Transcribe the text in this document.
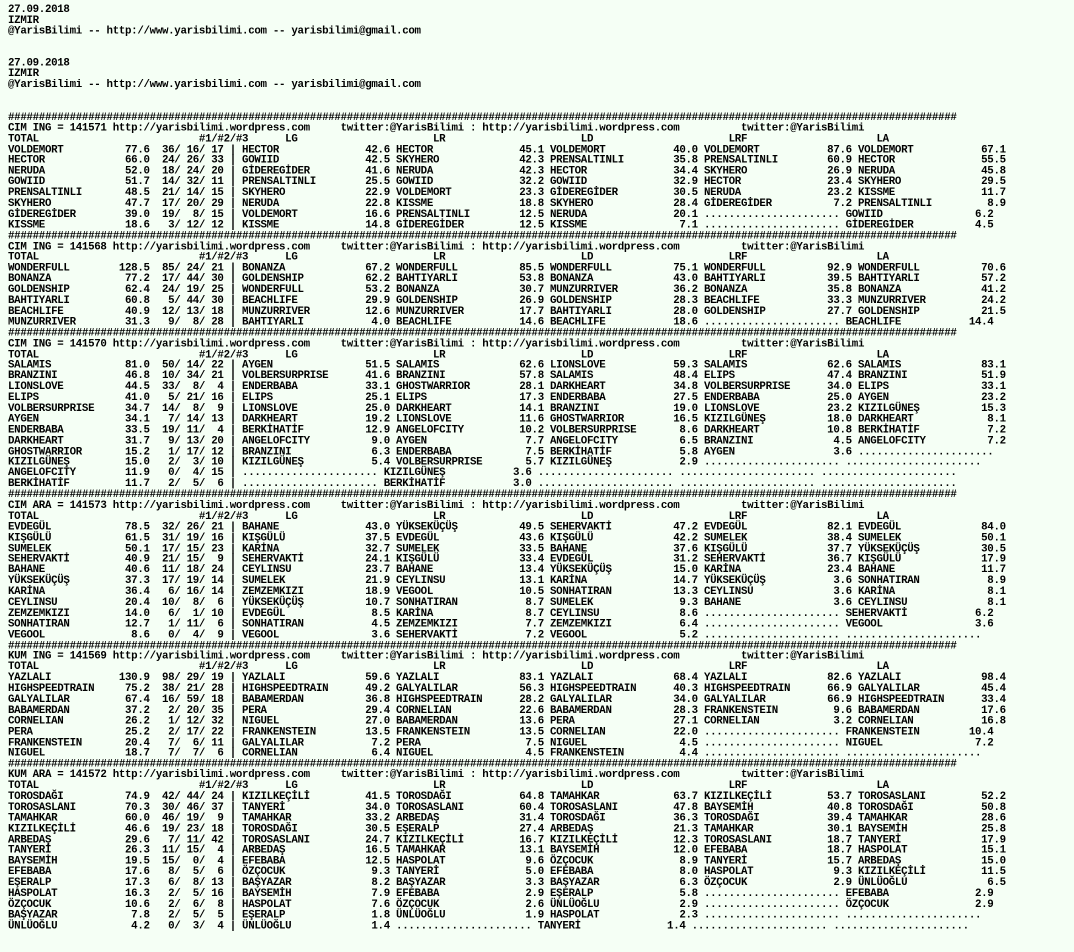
27.09.2018
IZMIR
@YarisBilimi -- http://www.yarisbilimi.com -- yarisbilimi@gmail.com

27.09.2018
IZMIR
@YarisBilimi -- http://www.yarisbilimi.com -- yarisbilimi@gmail.com

##########################################################################################################################################################
CIM ING = 141571 http://yarisbilimi.wordpress.com     twitter:@YarisBilimi : http://yarisbilimi.wordpress.com          twitter:@YarisBilimi
TOTAL                          #1/#2/#3      LG                      LR                      LD                      LRF                     LA
VOLDEMORT          77.6  36/ 16/ 17 | HECTOR              42.6 HECTOR              45.1 VOLDEMORT           40.0 VOLDEMORT           87.6 VOLDEMORT           67.1
HECTOR             66.0  24/ 26/ 33 | GOWIID              42.5 SKYHERO             42.3 PRENSALTINLI        35.8 PRENSALTINLI        60.9 HECTOR              55.5
NERUDA             52.0  18/ 24/ 20 | GİDEREGİDER         41.6 NERUDA              42.3 HECTOR              34.4 SKYHERO             26.9 NERUDA              45.8
GOWIID             51.7  14/ 32/ 11 | PRENSALTINLI        25.5 GOWIID              32.2 GOWIID              32.9 HECTOR              23.4 SKYHERO             29.5
PRENSALTINLI       48.5  21/ 14/ 15 | SKYHERO             22.9 VOLDEMORT           23.3 GİDEREGİDER         30.5 NERUDA              23.2 KISSME              11.7
SKYHERO            47.7  17/ 20/ 29 | NERUDA              22.8 KISSME              18.8 SKYHERO             28.4 GİDEREGİDER          7.2 PRENSALTINLI         8.9
GİDEREGİDER        39.0  19/  8/ 15 | VOLDEMORT           16.6 PRENSALTINLI        12.5 NERUDA              20.1 ...................... GOWIID               6.2
KISSME             18.6   3/ 12/ 12 | KISSME              14.8 GİDEREGİDER         12.5 KISSME               7.1 ...................... GİDEREGİDER          4.5
##########################################################################################################################################################
CIM ING = 141568 http://yarisbilimi.wordpress.com     twitter:@YarisBilimi : http://yarisbilimi.wordpress.com          twitter:@YarisBilimi
TOTAL                          #1/#2/#3      LG                      LR                      LD                      LRF                     LA
WONDERFULL        128.5  85/ 24/ 21 | BONANZA             67.2 WONDERFULL          85.5 WONDERFULL          75.1 WONDERFULL          92.9 WONDERFULL          70.6
BONANZA            77.2  17/ 44/ 30 | GOLDENSHIP          62.2 BAHTIYARLI          53.8 BONANZA             43.0 BAHTIYARLI          39.5 BAHTIYARLI          57.2
GOLDENSHIP         62.4  24/ 19/ 25 | WONDERFULL          53.2 BONANZA             30.7 MUNZURRIVER         36.2 BONANZA             35.8 BONANZA             41.2
BAHTIYARLI         60.8   5/ 44/ 30 | BEACHLIFE           29.9 GOLDENSHIP          26.9 GOLDENSHIP          28.3 BEACHLIFE           33.3 MUNZURRIVER         24.2
BEACHLIFE          40.9  12/ 13/ 18 | MUNZURRIVER         12.6 MUNZURRIVER         17.7 BAHTIYARLI          28.0 GOLDENSHIP          27.7 GOLDENSHIP          21.5
MUNZURRIVER        31.3   9/  8/ 28 | BAHTIYARLI           4.0 BEACHLIFE           14.6 BEACHLIFE           18.6 ...................... BEACHLIFE           14.4
##########################################################################################################################################################
CIM ING = 141570 http://yarisbilimi.wordpress.com     twitter:@YarisBilimi : http://yarisbilimi.wordpress.com          twitter:@YarisBilimi
TOTAL                          #1/#2/#3      LG                      LR                      LD                      LRF                     LA
SALAMIS            81.0  50/ 14/ 22 | AYGEN               51.5 SALAMIS             62.6 LIONSLOVE           59.3 SALAMIS             62.6 SALAMIS             83.1
BRANZINI           46.8  10/ 34/ 21 | VOLBERSURPRISE      41.6 BRANZINI            57.8 SALAMIS             48.4 ELIPS               47.4 BRANZINI            51.9
LIONSLOVE          44.5  33/  8/  4 | ENDERBABA           33.1 GHOSTWARRIOR        28.1 DARKHEART           34.8 VOLBERSURPRISE      34.0 ELIPS               33.1
ELIPS              41.0   5/ 21/ 16 | ELIPS               25.1 ELIPS               17.3 ENDERBABA           27.5 ENDERBABA           25.0 AYGEN               23.2
VOLBERSURPRISE     34.7  14/  8/  9 | LIONSLOVE           25.0 DARKHEART           14.1 BRANZINI            19.0 LIONSLOVE           23.2 KIZILGÜNEŞ          15.3
AYGEN              34.1   7/ 14/ 13 | DARKHEART           19.2 LIONSLOVE           11.6 GHOSTWARRIOR        16.5 KIZILGÜNEŞ          18.0 DARKHEART            8.1
ENDERBABA          33.5  19/ 11/  4 | BERKİHATİF          12.9 ANGELOFCITY         10.2 VOLBERSURPRISE       8.6 DARKHEART           10.8 BERKİHATİF           7.2
DARKHEART          31.7   9/ 13/ 20 | ANGELOFCITY          9.0 AYGEN                7.7 ANGELOFCITY          6.5 BRANZINI             4.5 ANGELOFCITY          7.2
GHOSTWARRIOR       15.2   1/ 17/ 12 | BRANZINI             6.3 ENDERBABA            7.5 BERKİHATİF           5.8 AYGEN                3.6 ......................
KIZILGÜNEŞ         15.0   2/  3/ 10 | KIZILGÜNEŞ           5.4 VOLBERSURPRISE       5.7 KIZILGÜNEŞ           2.9 ...................... ......................
ANGELOFCITY        11.9   0/  4/ 15 | ...................... KIZILGÜNEŞ           3.6 ...................... ...................... ......................
BERKİHATİF         11.7   2/  5/  6 | ...................... BERKİHATİF           3.0 ...................... ...................... ......................
##########################################################################################################################################################
CIM ARA = 141573 http://yarisbilimi.wordpress.com     twitter:@YarisBilimi : http://yarisbilimi.wordpress.com          twitter:@YarisBilimi
TOTAL                          #1/#2/#3      LG                      LR                      LD                      LRF                     LA
EVDEGÜL            78.5  32/ 26/ 21 | BAHANE              43.0 YÜKSEKÜÇÜŞ          49.5 SEHERVAKTİ          47.2 EVDEGÜL             82.1 EVDEGÜL             84.0
KIŞGÜLÜ            61.5  31/ 19/ 16 | KIŞGÜLÜ             37.5 EVDEGÜL             43.6 KIŞGÜLÜ             42.2 SUMELEK             38.4 SUMELEK             50.1
SUMELEK            50.1  17/ 15/ 23 | KARİNA              32.7 SUMELEK             33.5 BAHANE              37.6 KIŞGÜLÜ             37.7 YÜKSEKÜÇÜŞ          30.5
SEHERVAKTİ         40.9  21/ 15/  9 | SEHERVAKTİ          24.1 KIŞGÜLÜ             33.4 EVDEGÜL             31.2 SEHERVAKTİ          36.7 KIŞGÜLÜ             17.9
BAHANE             40.6  11/ 18/ 24 | CEYLINSU            23.7 BAHANE              13.4 YÜKSEKÜÇÜŞ          15.0 KARİNA              23.4 BAHANE              11.7
YÜKSEKÜÇÜŞ         37.3  17/ 19/ 14 | SUMELEK             21.9 CEYLINSU            13.1 KARİNA              14.7 YÜKSEKÜÇÜŞ           3.6 SONHATIRAN           8.9
KARİNA             36.4   6/ 16/ 14 | ZEMZEMKIZI          18.9 VEGOOL              10.5 SONHATIRAN          13.3 CEYLINSU             3.6 KARİNA               8.1
CEYLINSU           20.4  10/  8/  6 | YÜKSEKÜÇÜŞ          10.7 SONHATIRAN           8.7 SUMELEK              9.3 BAHANE               3.6 CEYLINSU             8.1
ZEMZEMKIZI         14.0   6/  1/ 10 | EVDEGÜL              8.5 KARİNA               8.7 CEYLINSU             8.6 ...................... SEHERVAKTİ           6.2
SONHATIRAN         12.7   1/ 11/  6 | SONHATIRAN           4.5 ZEMZEMKIZI           7.7 ZEMZEMKIZI           6.4 ...................... VEGOOL               3.6
VEGOOL              8.6   0/  4/  9 | VEGOOL               3.6 SEHERVAKTİ           7.2 VEGOOL               5.2 ...................... ......................
##########################################################################################################################################################
KUM ING = 141569 http://yarisbilimi.wordpress.com     twitter:@YarisBilimi : http://yarisbilimi.wordpress.com          twitter:@YarisBilimi
TOTAL                          #1/#2/#3      LG                      LR                      LD                      LRF                     LA
YAZLALI           130.9  98/ 29/ 19 | YAZLALI             59.6 YAZLALI             83.1 YAZLALI             68.4 YAZLALI             82.6 YAZLALI             98.4
HIGHSPEEDTRAIN     75.2  38/ 21/ 28 | HIGHSPEEDTRAIN      49.2 GALYALILAR          56.3 HIGHSPEEDTRAIN      40.3 HIGHSPEEDTRAIN      66.9 GALYALILAR          45.4
GALYALILAR         67.4  16/ 59/ 18 | BABAMERDAN          36.8 HIGHSPEEDTRAIN      28.2 GALYALILAR          34.0 GALYALILAR          66.9 HIGHSPEEDTRAIN      33.4
BABAMERDAN         37.2   2/ 20/ 35 | PERA                29.4 CORNELIAN           22.6 BABAMERDAN          28.3 FRANKENSTEIN         9.6 BABAMERDAN          17.6
CORNELIAN          26.2   1/ 12/ 32 | NIGUEL              27.0 BABAMERDAN          13.6 PERA                27.1 CORNELIAN            3.2 CORNELIAN           16.8
PERA               25.2   2/ 17/ 22 | FRANKENSTEIN        13.5 FRANKENSTEIN        13.5 CORNELIAN           22.0 ...................... FRANKENSTEIN        10.4
FRANKENSTEIN       20.4   7/  6/ 11 | GALYALILAR           7.2 PERA                 7.5 NIGUEL               4.5 ...................... NIGUEL               7.2
NIGUEL             18.7   7/  7/  6 | CORNELIAN            6.4 NIGUEL               4.5 FRANKENSTEIN         4.4 ...................... ......................
##########################################################################################################################################################
KUM ARA = 141572 http://yarisbilimi.wordpress.com     twitter:@YarisBilimi : http://yarisbilimi.wordpress.com          twitter:@YarisBilimi
TOTAL                          #1/#2/#3      LG                      LR                      LD                      LRF                     LA
TOROSDAĞI          74.9  42/ 44/ 24 | KIZILKEÇİLİ         41.5 TOROSDAĞI           64.8 TAMAHKAR            63.7 KIZILKEÇİLİ         53.7 TOROSASLANI         52.2
TOROSASLANI        70.3  30/ 46/ 37 | TANYERİ             34.0 TOROSASLANI         60.4 TOROSASLANI         47.8 BAYSEMİH            40.8 TOROSDAĞI           50.8
TAMAHKAR           60.0  46/ 19/  9 | TAMAHKAR            33.2 ARBEDAŞ             31.4 TOROSDAĞI           36.3 TOROSDAĞI           39.4 TAMAHKAR            28.6
KIZILKEÇİLİ        46.6  19/ 23/ 18 | TOROSDAĞI           30.5 EŞERALP             27.4 ARBEDAŞ             21.3 TAMAHKAR            30.1 BAYSEMİH            25.8
ARBEDAŞ            29.6   7/ 11/ 42 | TOROSASLANI         24.7 KIZILKEÇİLİ         16.7 KIZILKEÇİLİ         12.3 TOROSASLANI         18.7 TANYERİ             17.9
TANYERİ            26.3  11/ 15/  4 | ARBEDAŞ             16.5 TAMAHKAR            13.1 BAYSEMİH            12.0 EFEBABA             18.7 HASPOLAT            15.1
BAYSEMİH           19.5  15/  0/  4 | EFEBABA             12.5 HASPOLAT             9.6 ÖZÇOCUK              8.9 TANYERİ             15.7 ARBEDAŞ             15.0
EFEBABA            17.6   8/  5/  6 | ÖZÇOCUK              9.3 TANYERİ              5.0 EFEBABA              8.0 HASPOLAT             9.3 KIZILKEÇİLİ         11.5
EŞERALP            17.3   6/  8/ 13 | BAŞYAZAR             8.2 BAŞYAZAR             3.3 BAŞYAZAR             6.3 ÖZÇOCUK              2.9 ÜNLÜOĞLU             6.5
HASPOLAT           16.3   2/  5/ 16 | BAYSEMİH             7.9 EFEBABA              2.9 EŞERALP              5.8 ...................... EFEBABA              2.9
ÖZÇOCUK            10.6   2/  6/  8 | HASPOLAT             7.6 ÖZÇOCUK              2.6 ÜNLÜOĞLU             2.9 ...................... ÖZÇOCUK              2.9
BAŞYAZAR            7.8   2/  5/  5 | EŞERALP              1.8 ÜNLÜOĞLU             1.9 HASPOLAT             2.3 ...................... ......................
ÜNLÜOĞLU            4.2   0/  3/  4 | ÜNLÜOĞLU             1.4 ...................... TANYERİ              1.4 ...................... ......................
